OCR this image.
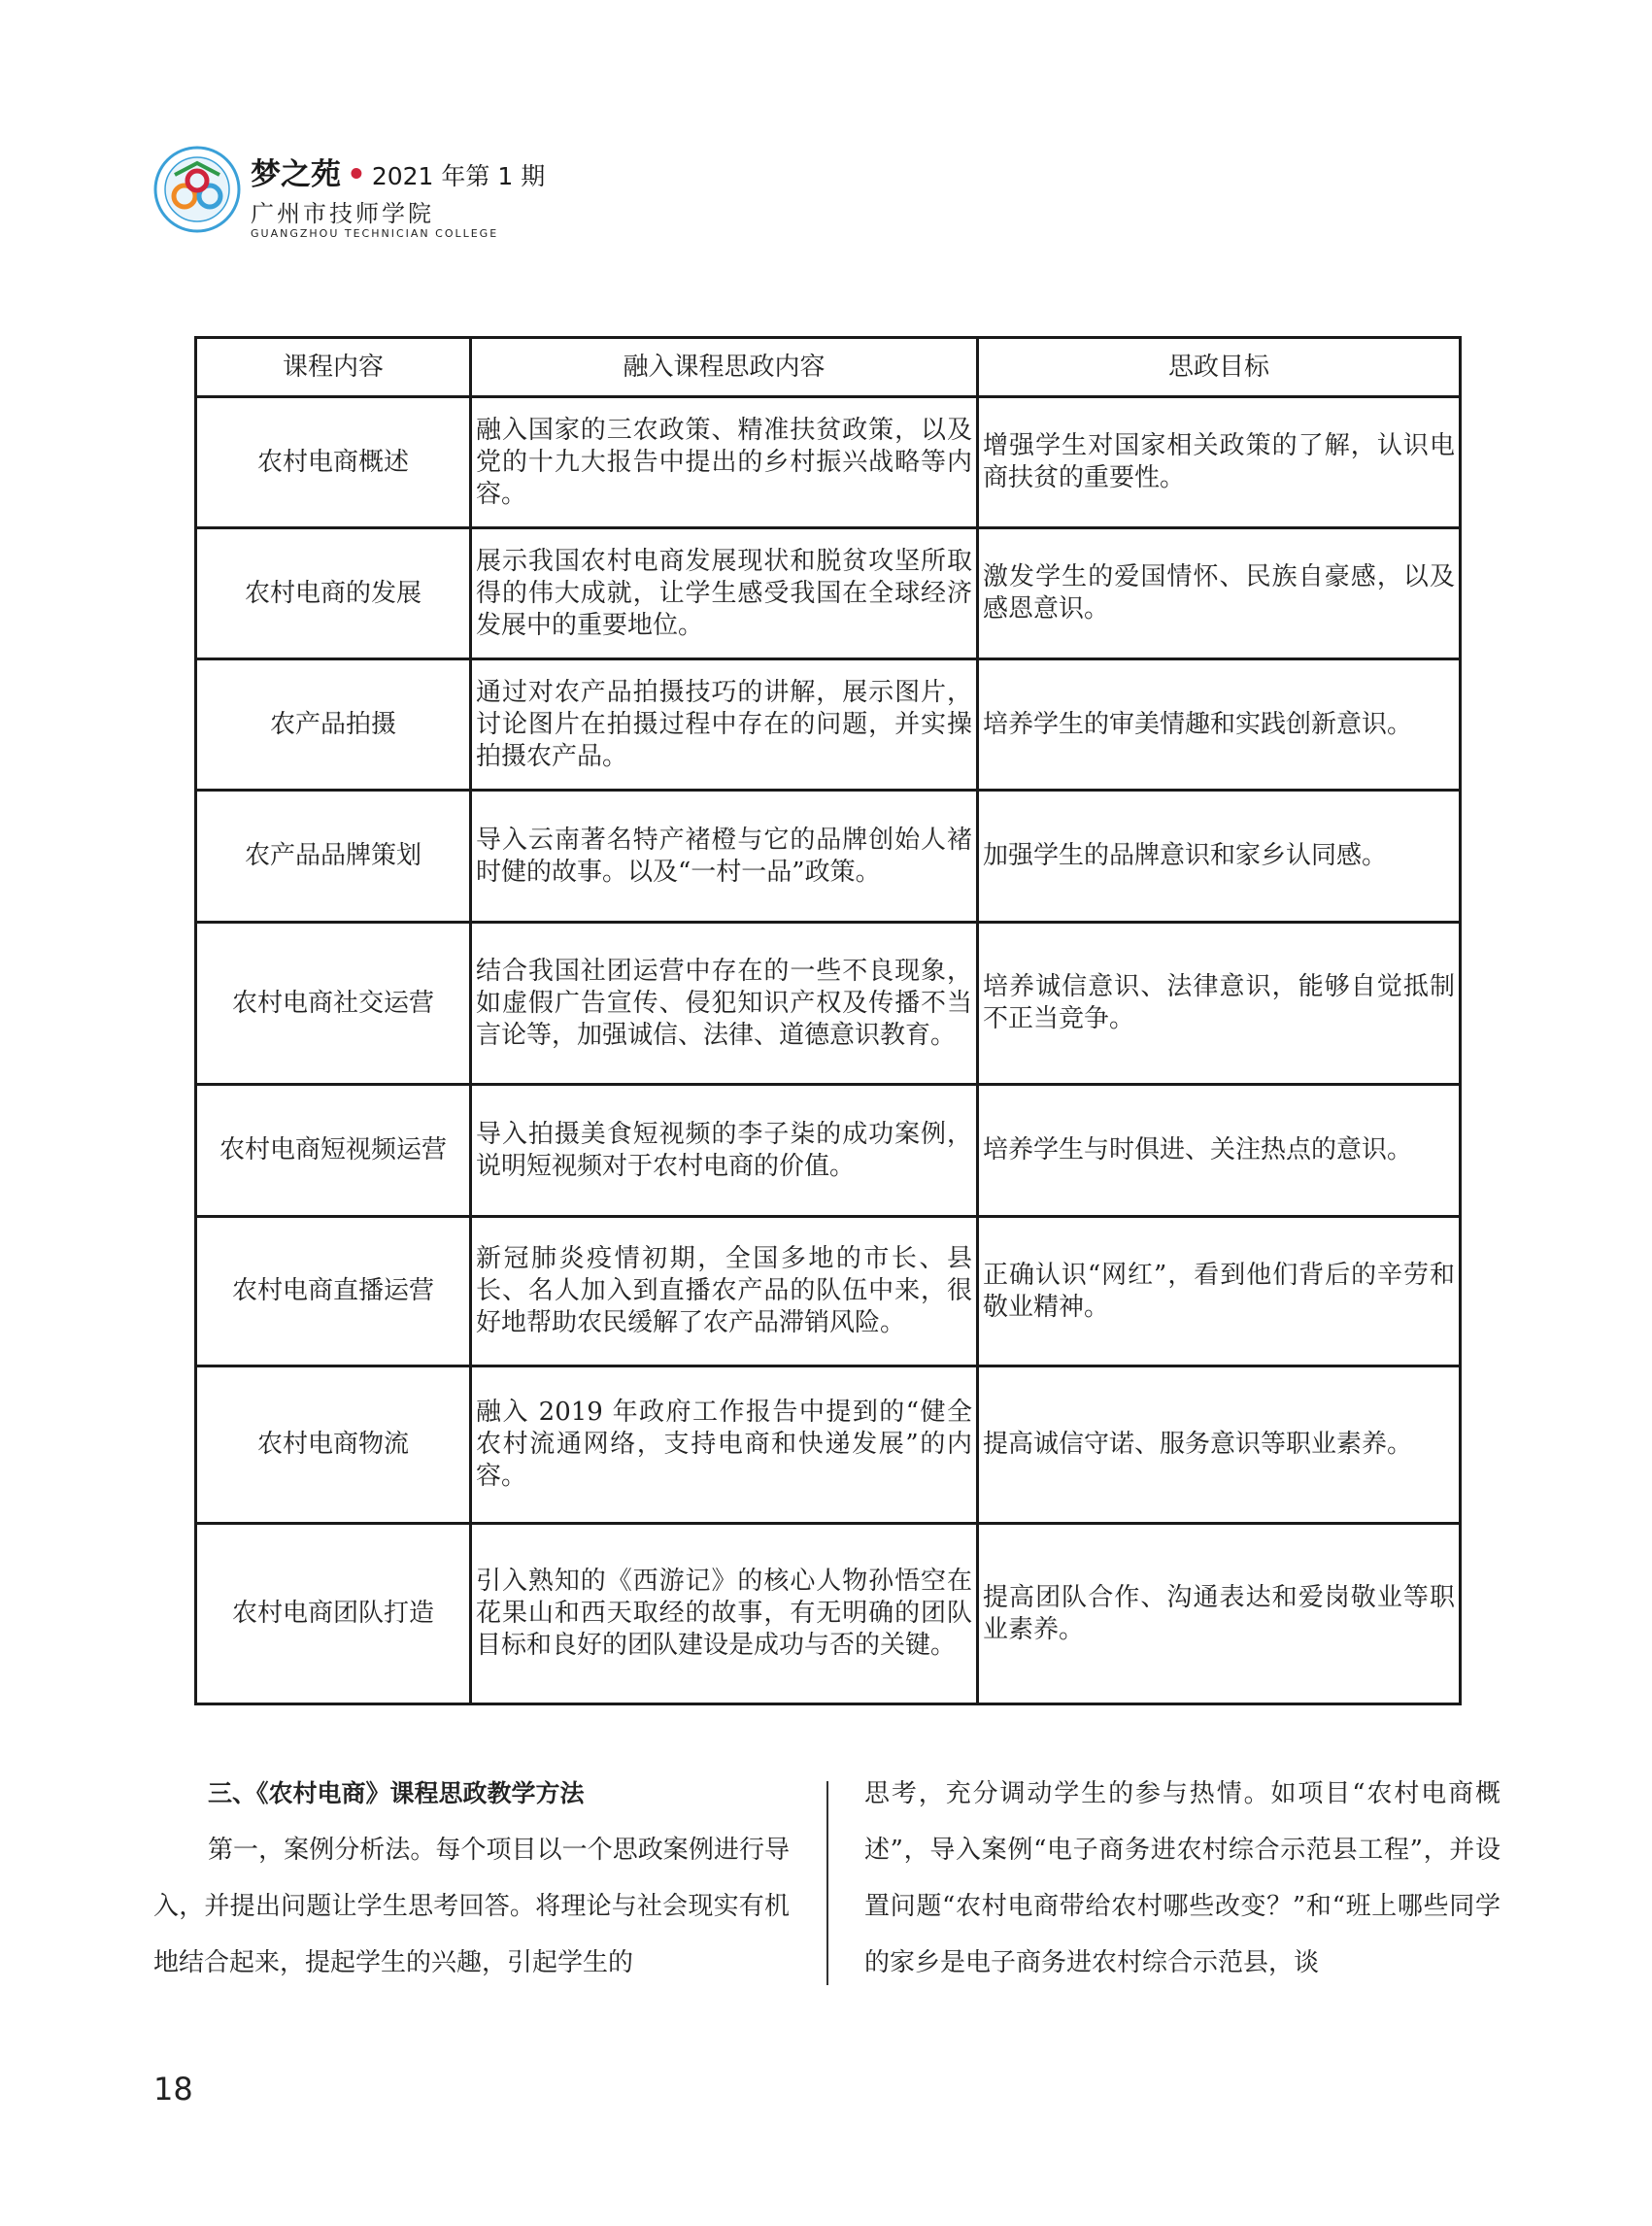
梦之苑 • 2021 年第 1 期
广州市技师学院
GUANGZHOU TECHNICIAN COLLEGE
课程内容	融入课程思政内容	思政目标
农村电商概述	融入国家的三农政策、精准扶贫政策，以及党的十九大报告中提出的乡村振兴战略等内容。	增强学生对国家相关政策的了解，认识电商扶贫的重要性。
农村电商的发展	展示我国农村电商发展现状和脱贫攻坚所取得的伟大成就，让学生感受我国在全球经济发展中的重要地位。	激发学生的爱国情怀、民族自豪感，以及感恩意识。
农产品拍摄	通过对农产品拍摄技巧的讲解，展示图片，讨论图片在拍摄过程中存在的问题，并实操拍摄农产品。	培养学生的审美情趣和实践创新意识。
农产品品牌策划	导入云南著名特产褚橙与它的品牌创始人褚时健的故事。以及“一村一品”政策。	加强学生的品牌意识和家乡认同感。
农村电商社交运营	结合我国社团运营中存在的一些不良现象，如虚假广告宣传、侵犯知识产权及传播不当言论等，加强诚信、法律、道德意识教育。	培养诚信意识、法律意识，能够自觉抵制不正当竞争。
农村电商短视频运营	导入拍摄美食短视频的李子柒的成功案例，说明短视频对于农村电商的价值。	培养学生与时俱进、关注热点的意识。
农村电商直播运营	新冠肺炎疫情初期，全国多地的市长、县长、名人加入到直播农产品的队伍中来，很好地帮助农民缓解了农产品滞销风险。	正确认识“网红”，看到他们背后的辛劳和敬业精神。
农村电商物流	融入 2019 年政府工作报告中提到的“健全农村流通网络，支持电商和快递发展”的内容。	提高诚信守诺、服务意识等职业素养。
农村电商团队打造	引入熟知的《西游记》的核心人物孙悟空在花果山和西天取经的故事，有无明确的团队目标和良好的团队建设是成功与否的关键。	提高团队合作、沟通表达和爱岗敬业等职业素养。

三、《农村电商》课程思政教学方法

第一，案例分析法。每个项目以一个思政案例进行导入，并提出问题让学生思考回答。将理论与社会现实有机地结合起来，提起学生的兴趣，引起学生的

思考，充分调动学生的参与热情。如项目“农村电商概述”，导入案例“电子商务进农村综合示范县工程”，并设置问题“农村电商带给农村哪些改变？”和“班上哪些同学的家乡是电子商务进农村综合示范县，谈

18
